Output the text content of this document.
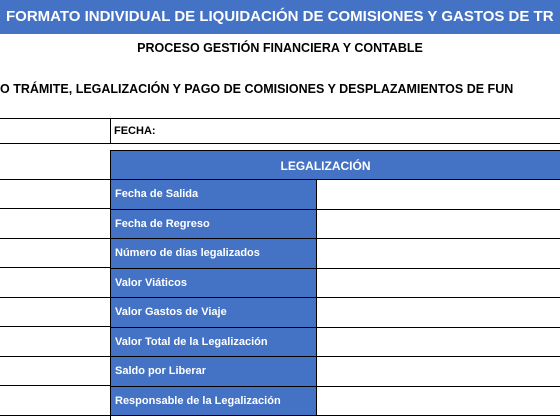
FORMATO INDIVIDUAL DE LIQUIDACIÓN DE COMISIONES Y GASTOS DE TR
PROCESO GESTIÓN FINANCIERA Y CONTABLE
O TRÁMITE, LEGALIZACIÓN Y PAGO DE COMISIONES Y DESPLAZAMIENTOS DE FUN
FECHA:
LEGALIZACIÓN
Fecha de Salida
Fecha de Regreso
Número de días legalizados
Valor Viáticos
Valor Gastos de Viaje
Valor Total de la Legalización
Saldo por Liberar
Responsable de la Legalización
